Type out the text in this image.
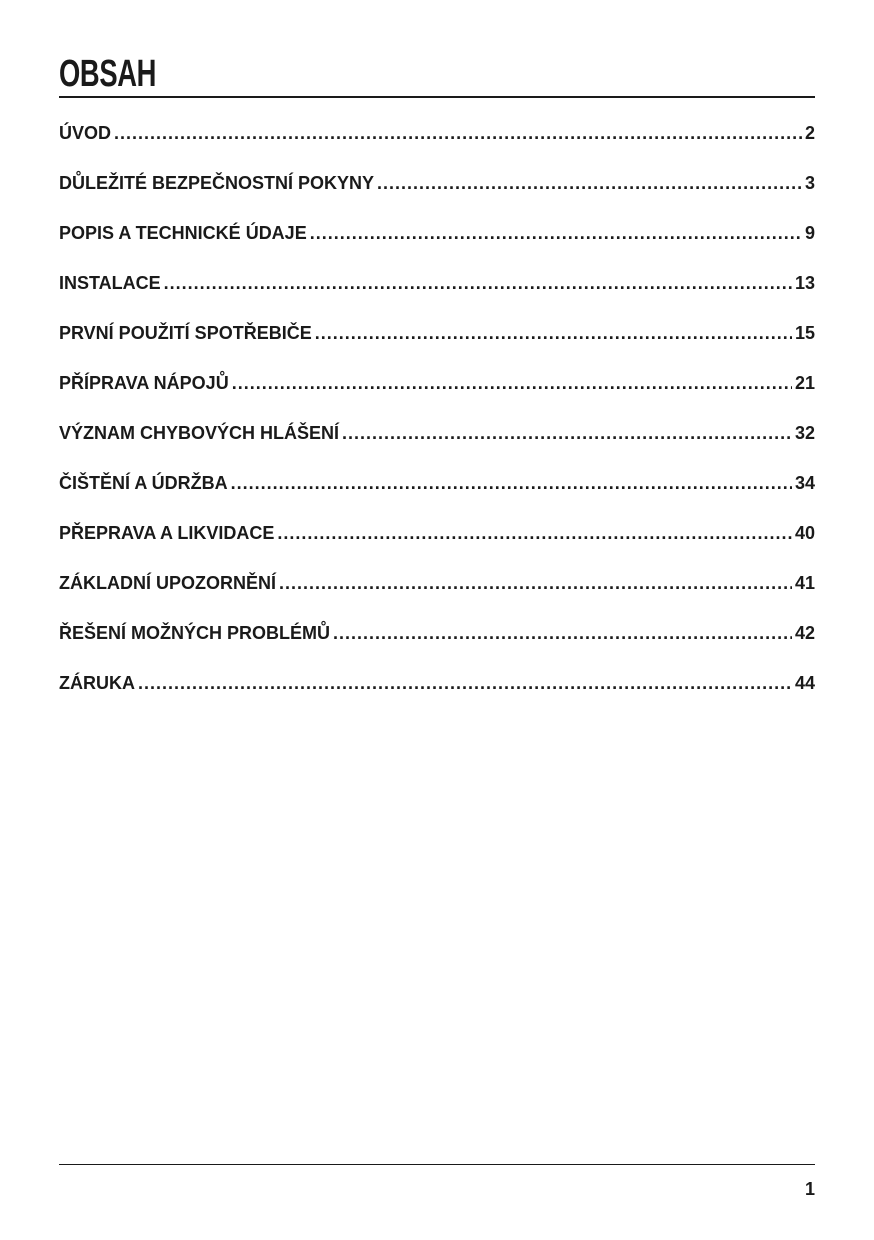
OBSAH
ÚVOD .....	2
DŮLEŽITÉ BEZPEČNOSTNÍ POKYNY .....	3
POPIS A TECHNICKÉ ÚDAJE .....	9
INSTALACE .....	13
PRVNÍ POUŽITÍ SPOTŘEBIČE .....	15
PŘÍPRAVA NÁPOJŮ .....	21
VÝZNAM CHYBOVÝCH HLÁŠENÍ .....	32
ČIŠTĚNÍ A ÚDRŽBA .....	34
PŘEPRAVA A LIKVIDACE .....	40
ZÁKLADNÍ UPOZORNĚNÍ .....	41
ŘEŠENÍ MOŽNÝCH PROBLÉMŮ .....	42
ZÁRUKA .....	44
1
